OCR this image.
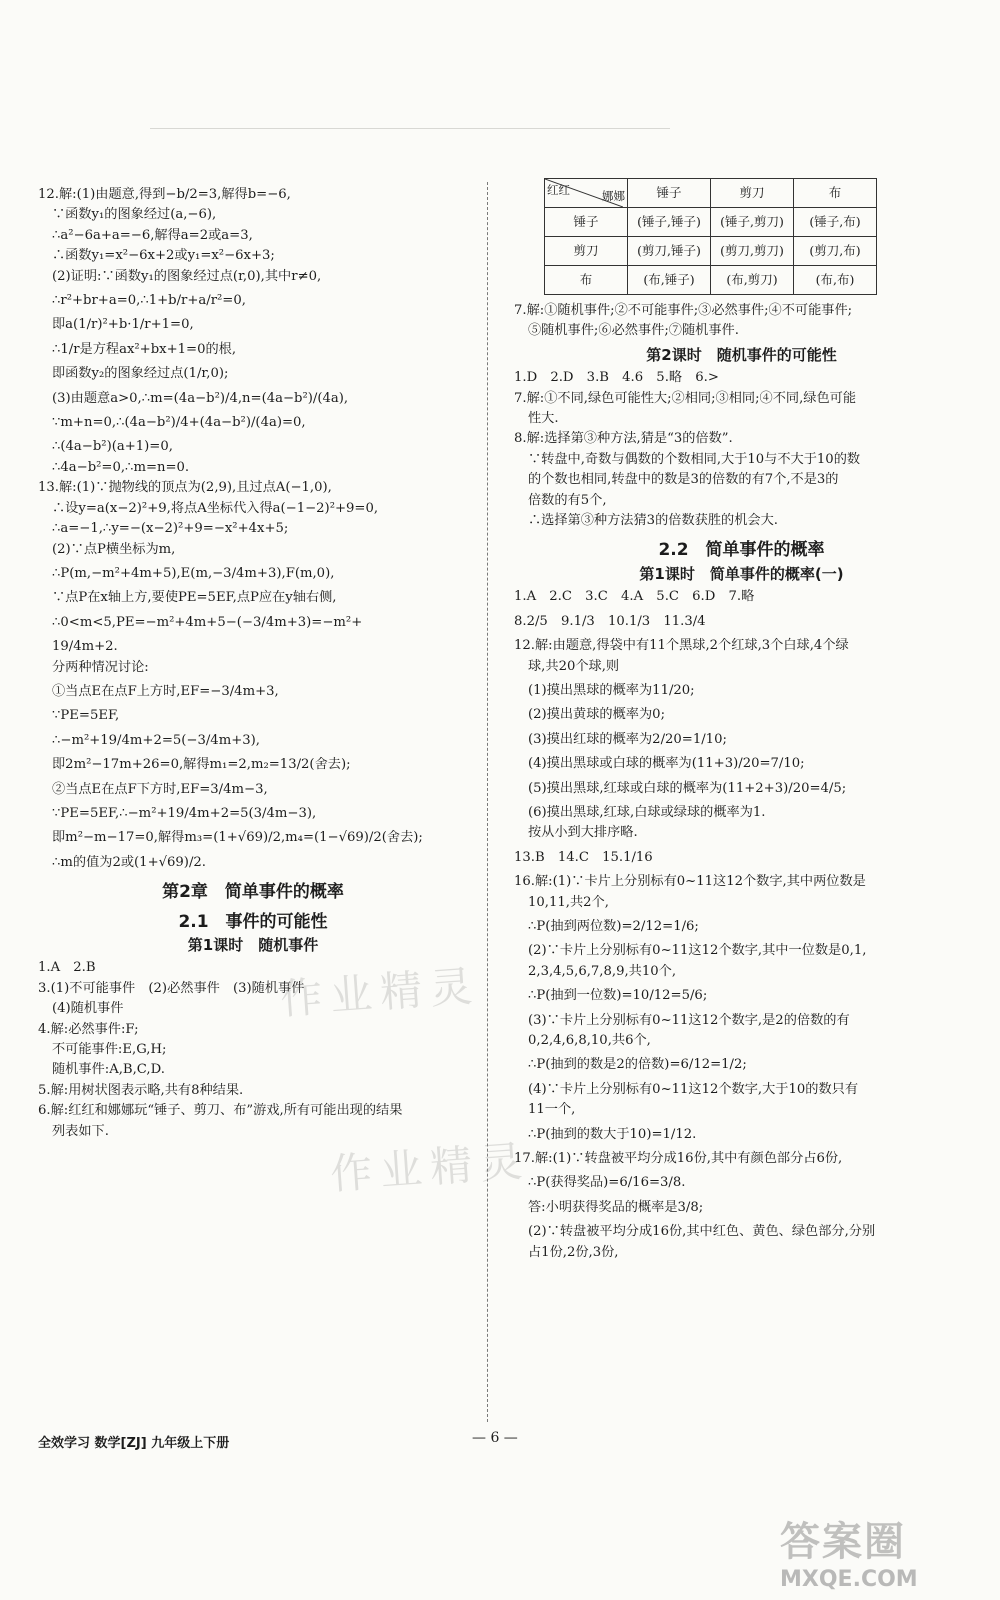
12.解:(1)由题意,得到−b/2=3,解得b=−6,

∵函数y₁的图象经过(a,−6),

∴a²−6a+a=−6,解得a=2或a=3,

∴函数y₁=x²−6x+2或y₁=x²−6x+3;

(2)证明:∵函数y₁的图象经过点(r,0),其中r≠0,

∴r²+br+a=0,∴1+b/r+a/r²=0,

即a(1/r)²+b·1/r+1=0,

∴1/r是方程ax²+bx+1=0的根,

即函数y₂的图象经过点(1/r,0);

(3)由题意a>0,∴m=(4a−b²)/4,n=(4a−b²)/(4a),

∵m+n=0,∴(4a−b²)/4+(4a−b²)/(4a)=0,

∴(4a−b²)(a+1)=0,

∴4a−b²=0,∴m=n=0.

13.解:(1)∵抛物线的顶点为(2,9),且过点A(−1,0),

∴设y=a(x−2)²+9,将点A坐标代入得a(−1−2)²+9=0,

∴a=−1,∴y=−(x−2)²+9=−x²+4x+5;

(2)∵点P横坐标为m,

∴P(m,−m²+4m+5),E(m,−3/4m+3),F(m,0),

∵点P在x轴上方,要使PE=5EF,点P应在y轴右侧,

∴0<m<5,PE=−m²+4m+5−(−3/4m+3)=−m²+

19/4m+2.

分两种情况讨论:

①当点E在点F上方时,EF=−3/4m+3,

∵PE=5EF,

∴−m²+19/4m+2=5(−3/4m+3),

即2m²−17m+26=0,解得m₁=2,m₂=13/2(舍去);

②当点E在点F下方时,EF=3/4m−3,

∵PE=5EF,∴−m²+19/4m+2=5(3/4m−3),

即m²−m−17=0,解得m₃=(1+√69)/2,m₄=(1−√69)/2(舍去);

∴m的值为2或(1+√69)/2.

第2章　简单事件的概率
2.1　事件的可能性
第1课时　随机事件

1.A　2.B

3.(1)不可能事件　(2)必然事件　(3)随机事件

(4)随机事件

4.解:必然事件:F;

不可能事件:E,G,H;

随机事件:A,B,C,D.

5.解:用树状图表示略,共有8种结果.

6.解:红红和娜娜玩“锤子、剪刀、布”游戏,所有可能出现的结果

列表如下.

红红 娜娜	锤子	剪刀	布
锤子	(锤子,锤子)	(锤子,剪刀)	(锤子,布)
剪刀	(剪刀,锤子)	(剪刀,剪刀)	(剪刀,布)
布	(布,锤子)	(布,剪刀)	(布,布)

7.解:①随机事件;②不可能事件;③必然事件;④不可能事件;

⑤随机事件;⑥必然事件;⑦随机事件.

第2课时　随机事件的可能性

1.D　2.D　3.B　4.6　5.略　6.>

7.解:①不同,绿色可能性大;②相同;③相同;④不同,绿色可能

性大.

8.解:选择第③种方法,猜是“3的倍数”.

∵转盘中,奇数与偶数的个数相同,大于10与不大于10的数

的个数也相同,转盘中的数是3的倍数的有7个,不是3的

倍数的有5个,

∴选择第③种方法猜3的倍数获胜的机会大.

2.2　简单事件的概率
第1课时　简单事件的概率(一)

1.A　2.C　3.C　4.A　5.C　6.D　7.略

8.2/5　9.1/3　10.1/3　11.3/4

12.解:由题意,得袋中有11个黑球,2个红球,3个白球,4个绿

球,共20个球,则

(1)摸出黑球的概率为11/20;

(2)摸出黄球的概率为0;

(3)摸出红球的概率为2/20=1/10;

(4)摸出黑球或白球的概率为(11+3)/20=7/10;

(5)摸出黑球,红球或白球的概率为(11+2+3)/20=4/5;

(6)摸出黑球,红球,白球或绿球的概率为1.

按从小到大排序略.

13.B　14.C　15.1/16

16.解:(1)∵卡片上分别标有0~11这12个数字,其中两位数是

10,11,共2个,

∴P(抽到两位数)=2/12=1/6;

(2)∵卡片上分别标有0~11这12个数字,其中一位数是0,1,

2,3,4,5,6,7,8,9,共10个,

∴P(抽到一位数)=10/12=5/6;

(3)∵卡片上分别标有0~11这12个数字,是2的倍数的有

0,2,4,6,8,10,共6个,

∴P(抽到的数是2的倍数)=6/12=1/2;

(4)∵卡片上分别标有0~11这12个数字,大于10的数只有

11一个,

∴P(抽到的数大于10)=1/12.

17.解:(1)∵转盘被平均分成16份,其中有颜色部分占6份,

∴P(获得奖品)=6/16=3/8.

答:小明获得奖品的概率是3/8;

(2)∵转盘被平均分成16份,其中红色、黄色、绿色部分,分别

占1份,2份,3份,

作业精灵
作业精灵
全效学习 数学[ZJ] 九年级上下册	— 6 —
答案圈
MXQE.COM
